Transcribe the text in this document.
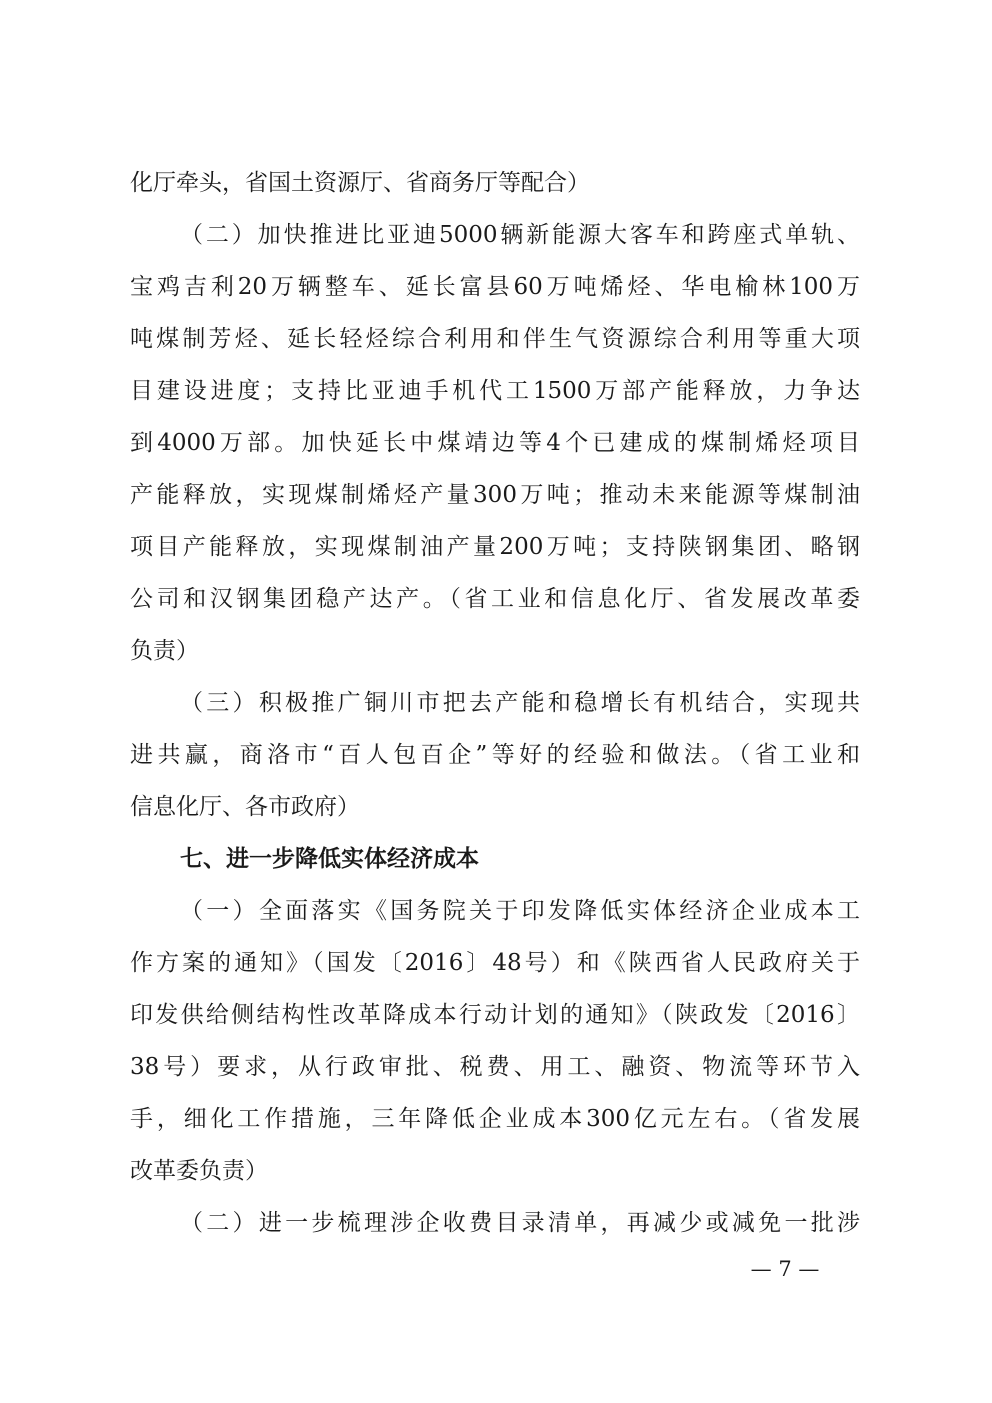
化厅牵头，省国土资源厅、省商务厅等配合）
（二）加快推进比亚迪5000辆新能源大客车和跨座式单轨、
宝鸡吉利20万辆整车、延长富县60万吨烯烃、华电榆林100万
吨煤制芳烃、延长轻烃综合利用和伴生气资源综合利用等重大项
目建设进度；支持比亚迪手机代工1500万部产能释放，力争达
到4000万部。加快延长中煤靖边等4个已建成的煤制烯烃项目
产能释放，实现煤制烯烃产量300万吨；推动未来能源等煤制油
项目产能释放，实现煤制油产量200万吨；支持陕钢集团、略钢
公司和汉钢集团稳产达产。（省工业和信息化厅、省发展改革委
负责）
（三）积极推广铜川市把去产能和稳增长有机结合，实现共
进共赢，商洛市“百人包百企”等好的经验和做法。（省工业和
信息化厅、各市政府）
七、进一步降低实体经济成本
（一）全面落实《国务院关于印发降低实体经济企业成本工
作方案的通知》（国发〔2016〕48号）和《陕西省人民政府关于
印发供给侧结构性改革降成本行动计划的通知》（陕政发〔2016〕
38号）要求，从行政审批、税费、用工、融资、物流等环节入
手，细化工作措施，三年降低企业成本300亿元左右。（省发展
改革委负责）
（二）进一步梳理涉企收费目录清单，再减少或减免一批涉
— 7 —
